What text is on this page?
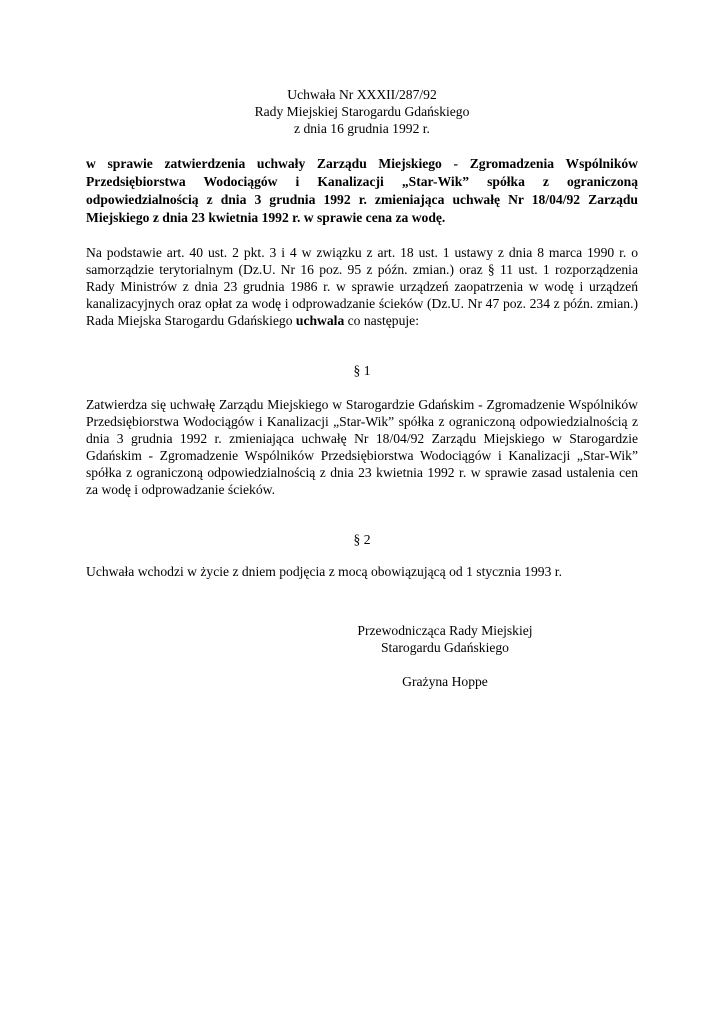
Uchwała Nr XXXII/287/92
Rady Miejskiej Starogardu Gdańskiego
z dnia 16 grudnia 1992 r.
w sprawie zatwierdzenia uchwały Zarządu Miejskiego - Zgromadzenia Wspólników Przedsiębiorstwa Wodociągów i Kanalizacji „Star-Wik” spółka z ograniczoną odpowiedzialnością z dnia 3 grudnia 1992 r. zmieniająca uchwałę Nr 18/04/92 Zarządu Miejskiego z dnia 23 kwietnia 1992 r. w sprawie cena za wodę.
Na podstawie art. 40 ust. 2 pkt. 3 i 4 w związku z art. 18 ust. 1 ustawy z dnia 8 marca 1990 r. o samorządzie terytorialnym (Dz.U. Nr 16 poz. 95 z późn. zmian.) oraz § 11 ust. 1 rozporządzenia Rady Ministrów z dnia 23 grudnia 1986 r. w sprawie urządzeń zaopatrzenia w wodę i urządzeń kanalizacyjnych oraz opłat za wodę i odprowadzanie ścieków (Dz.U. Nr 47 poz. 234 z późn. zmian.) Rada Miejska Starogardu Gdańskiego uchwala co następuje:
§ 1
Zatwierdza się uchwałę Zarządu Miejskiego w Starogardzie Gdańskim - Zgromadzenie Wspólników Przedsiębiorstwa Wodociągów i Kanalizacji „Star-Wik” spółka z ograniczoną odpowiedzialnością z dnia 3 grudnia 1992 r. zmieniająca uchwałę Nr 18/04/92 Zarządu Miejskiego w Starogardzie Gdańskim - Zgromadzenie Wspólników Przedsiębiorstwa Wodociągów i Kanalizacji „Star-Wik” spółka z ograniczoną odpowiedzialnością z dnia 23 kwietnia 1992 r. w sprawie zasad ustalenia cen za wodę i odprowadzanie ścieków.
§ 2
Uchwała wchodzi w życie z dniem podjęcia z mocą obowiązującą od 1 stycznia 1993 r.
Przewodnicząca Rady Miejskiej
Starogardu Gdańskiego
Grażyna Hoppe
